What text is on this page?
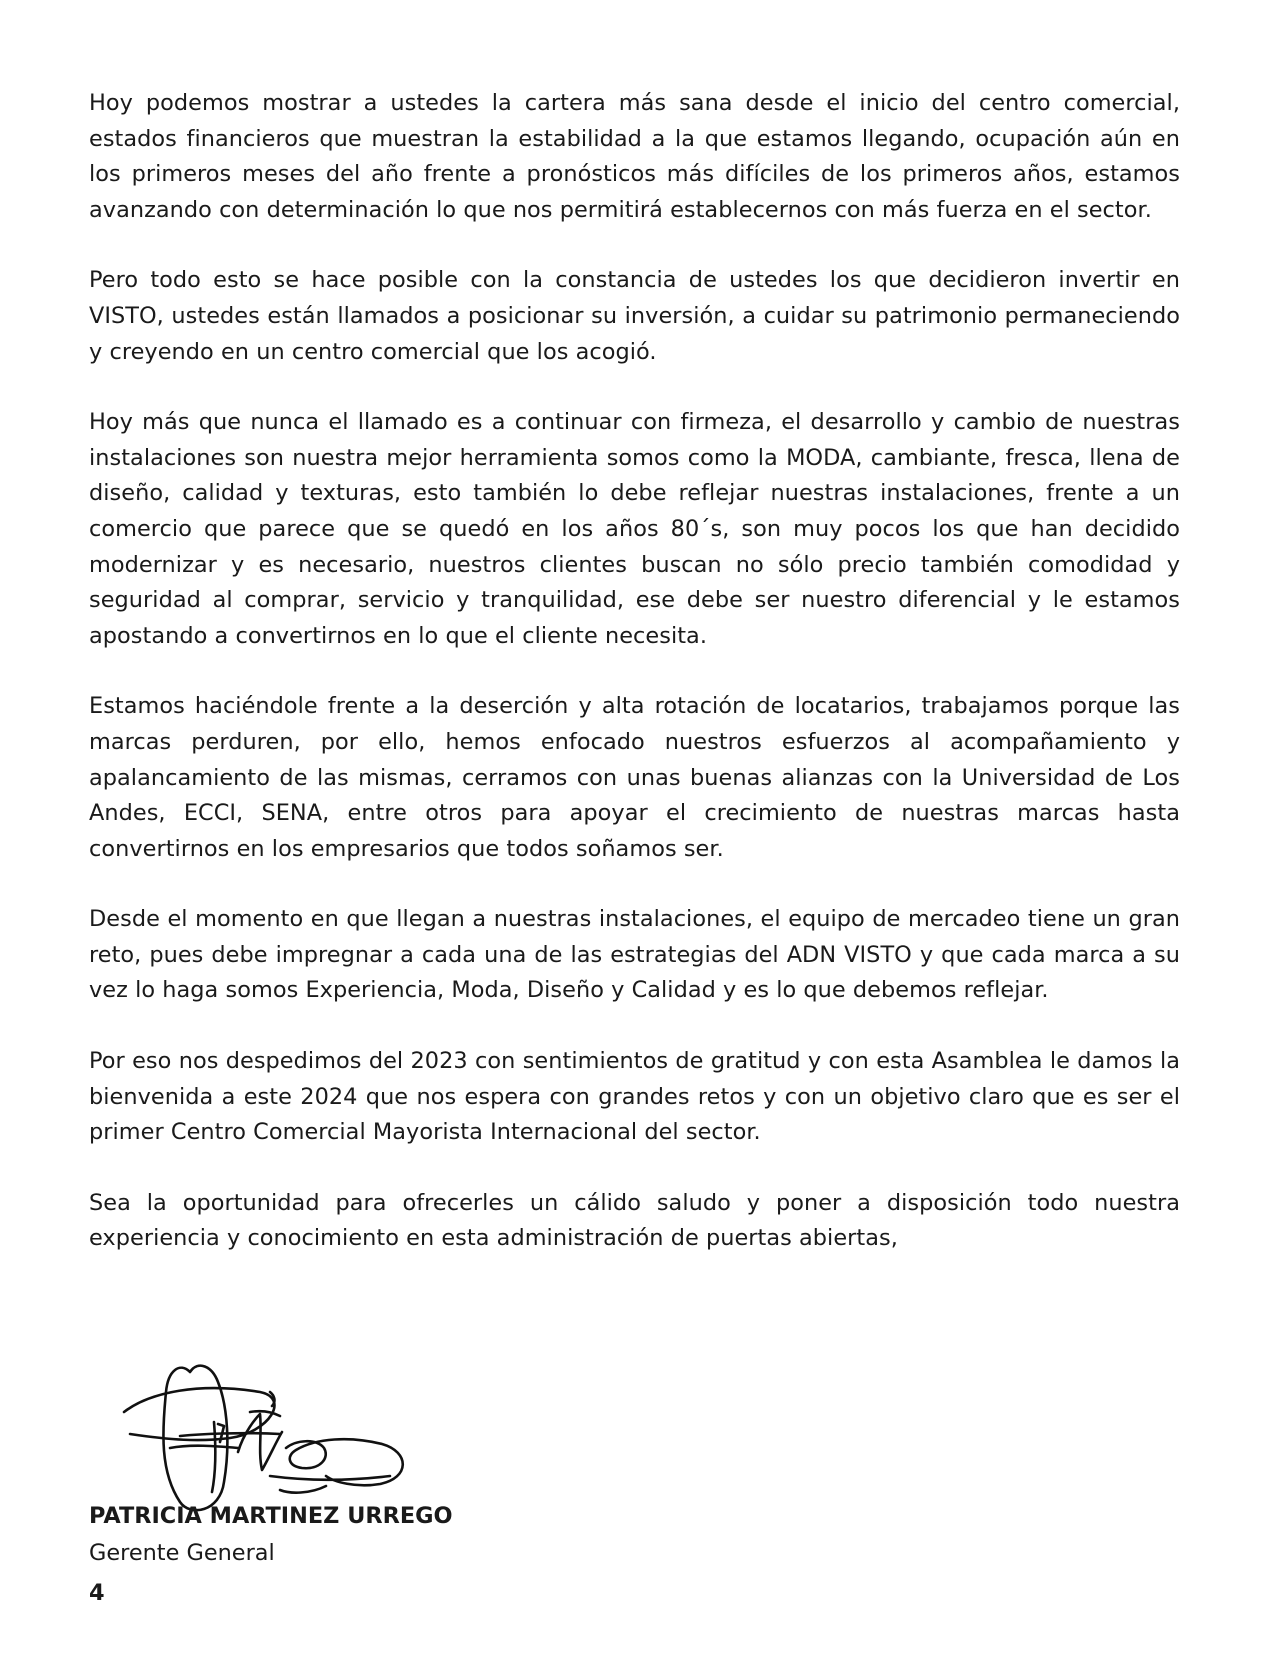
Hoy podemos mostrar a ustedes la cartera más sana desde el inicio del centro comercial, estados financieros que muestran la estabilidad a la que estamos llegando, ocupación aún en los primeros meses del año frente a pronósticos más difíciles de los primeros años, estamos avanzando con determinación lo que nos permitirá establecernos con más fuerza en el sector.

Pero todo esto se hace posible con la constancia de ustedes los que decidieron invertir en VISTO, ustedes están llamados a posicionar su inversión, a cuidar su patrimonio permaneciendo y creyendo en un centro comercial que los acogió.

Hoy más que nunca el llamado es a continuar con firmeza, el desarrollo y cambio de nuestras instalaciones son nuestra mejor herramienta somos como la MODA, cambiante, fresca, llena de diseño, calidad y texturas, esto también lo debe reflejar nuestras instalaciones, frente a un comercio que parece que se quedó en los años 80´s, son muy pocos los que han decidido modernizar y es necesario, nuestros clientes buscan no sólo precio también comodidad y seguridad al comprar, servicio y tranquilidad, ese debe ser nuestro diferencial y le estamos apostando a convertirnos en lo que el cliente necesita.

Estamos haciéndole frente a la deserción y alta rotación de locatarios, trabajamos porque las marcas perduren, por ello, hemos enfocado nuestros esfuerzos al acompañamiento y apalancamiento de las mismas, cerramos con unas buenas alianzas con la Universidad de Los Andes, ECCI, SENA, entre otros para apoyar el crecimiento de nuestras marcas hasta convertirnos en los empresarios que todos soñamos ser.

Desde el momento en que llegan a nuestras instalaciones, el equipo de mercadeo tiene un gran reto, pues debe impregnar a cada una de las estrategias del ADN VISTO y que cada marca a su vez lo haga somos Experiencia, Moda, Diseño y Calidad y es lo que debemos reflejar.

Por eso nos despedimos del 2023 con sentimientos de gratitud y con esta Asamblea le damos la bienvenida a este 2024 que nos espera con grandes retos y con un objetivo claro que es ser el primer Centro Comercial Mayorista Internacional del sector.

Sea la oportunidad para ofrecerles un cálido saludo y poner a disposición todo nuestra experiencia y conocimiento en esta administración de puertas abiertas,

PATRICIA MARTINEZ URREGO
Gerente General
4
